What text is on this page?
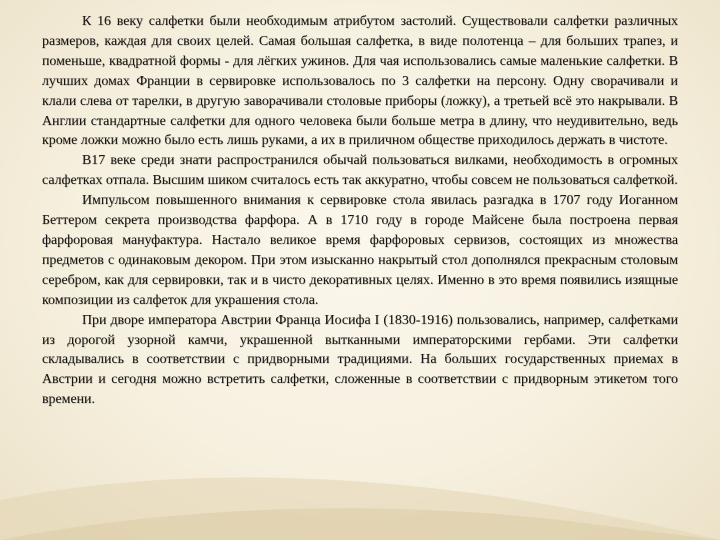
К 16 веку салфетки были необходимым атрибутом застолий. Существовали салфетки различных размеров, каждая для своих целей. Самая большая салфетка, в виде полотенца – для больших трапез, и поменьше, квадратной формы - для лёгких ужинов. Для чая использовались самые маленькие салфетки. В лучших домах Франции в сервировке использовалось по 3 салфетки на персону. Одну сворачивали и клали слева от тарелки, в другую заворачивали столовые приборы (ложку), а третьей всё это накрывали. В Англии стандартные салфетки для одного человека были больше метра в длину, что неудивительно, ведь кроме ложки можно было есть лишь руками, а их в приличном обществе приходилось держать в чистоте.

В17 веке среди знати распространился обычай пользоваться вилками, необходимость в огромных салфетках отпала. Высшим шиком считалось есть так аккуратно, чтобы совсем не пользоваться салфеткой.

Импульсом повышенного внимания к сервировке стола явилась разгадка в 1707 году Иоганном Беттером секрета производства фарфора. А в 1710 году в городе Майсене была построена первая фарфоровая мануфактура. Настало великое время фарфоровых сервизов, состоящих из множества предметов с одинаковым декором. При этом изысканно накрытый стол дополнялся прекрасным столовым серебром, как для сервировки, так и в чисто декоративных целях. Именно в это время появились изящные композиции из салфеток для украшения стола.

При дворе императора Австрии Франца Иосифа I (1830-1916) пользовались, например, салфетками из дорогой узорной камчи, украшенной вытканными императорскими гербами. Эти салфетки складывались в соответствии с придворными традициями. На больших государственных приемах в Австрии и сегодня можно встретить салфетки, сложенные в соответствии с придворным этикетом того времени.
